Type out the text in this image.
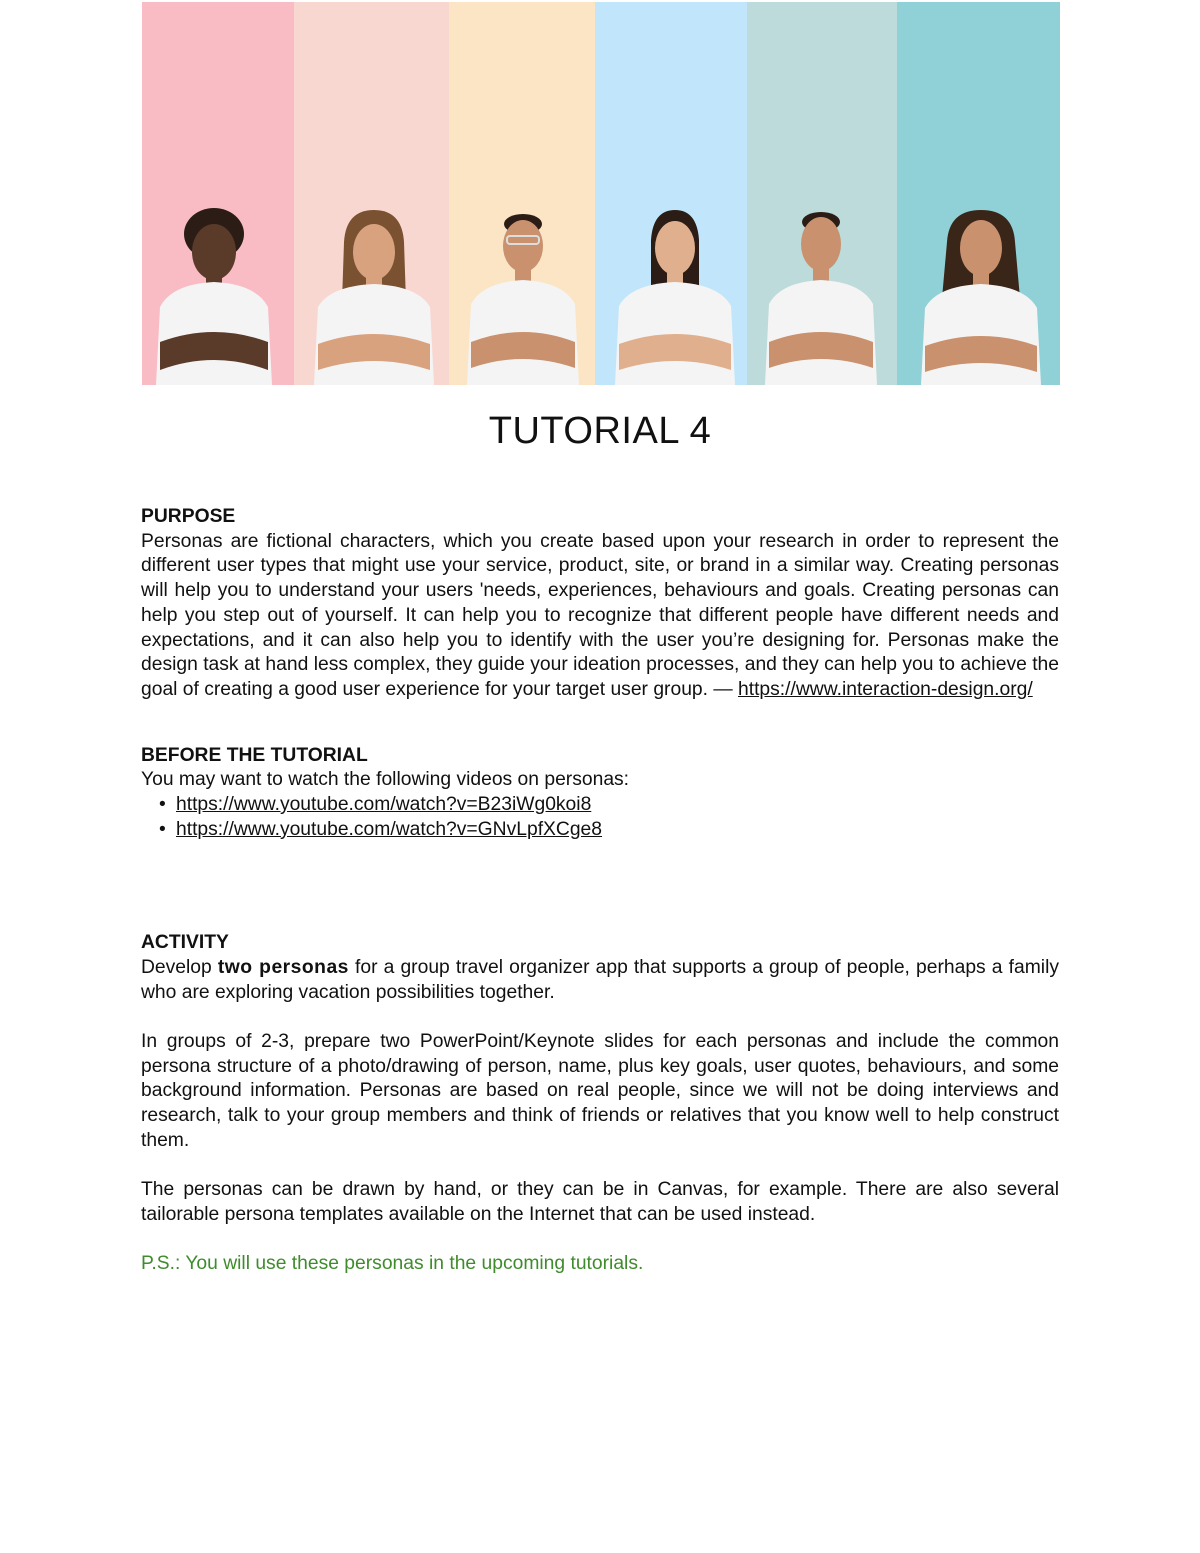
TUTORIAL 4

PURPOSE

Personas are fictional characters, which you create based upon your research in order to represent the different user types that might use your service, product, site, or brand in a similar way. Creating personas will help you to understand your users 'needs, experiences, behaviours and goals. Creating personas can help you step out of yourself. It can help you to recognize that different people have different needs and expectations, and it can also help you to identify with the user you’re designing for. Personas make the design task at hand less complex, they guide your ideation processes, and they can help you to achieve the goal of creating a good user experience for your target user group. — https://www.interaction-design.org/

BEFORE THE TUTORIAL

You may want to watch the following videos on personas:

• https://www.youtube.com/watch?v=B23iWg0koi8
• https://www.youtube.com/watch?v=GNvLpfXCge8

ACTIVITY

Develop two personas for a group travel organizer app that supports a group of people, perhaps a family who are exploring vacation possibilities together.

In groups of 2-3, prepare two PowerPoint/Keynote slides for each personas and include the common persona structure of a photo/drawing of person, name, plus key goals, user quotes, behaviours, and some background information. Personas are based on real people, since we will not be doing interviews and research, talk to your group members and think of friends or relatives that you know well to help construct them.

The personas can be drawn by hand, or they can be in Canvas, for example. There are also several tailorable persona templates available on the Internet that can be used instead.

P.S.: You will use these personas in the upcoming tutorials.
